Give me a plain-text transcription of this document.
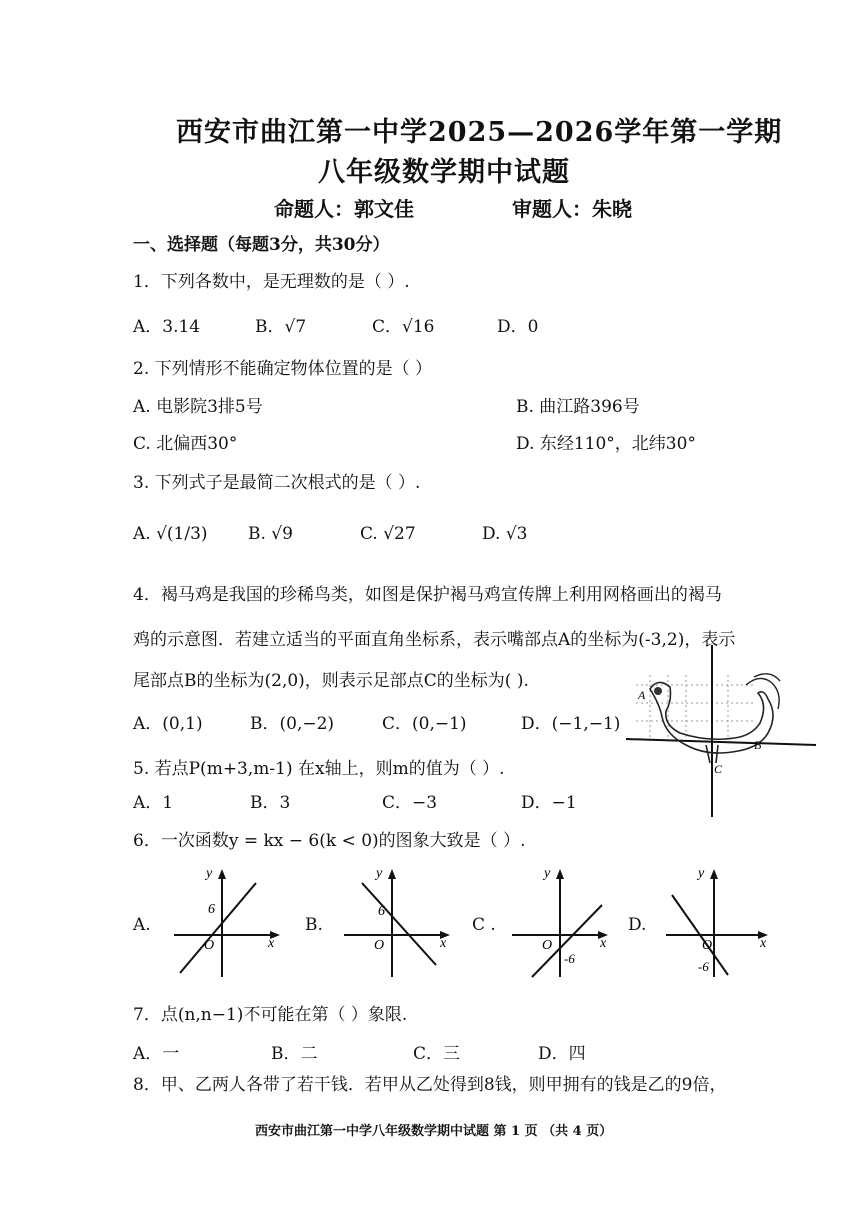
西安市曲江第一中学2025—2026学年第一学期
八年级数学期中试题
命题人：郭文佳	审题人：朱晓
一、选择题（每题3分，共30分）
1．下列各数中，是无理数的是（ ）.
A．3.14	B．√7	C．√16	D．0
2. 下列情形不能确定物体位置的是（ ）
A. 电影院3排5号	B. 曲江路396号
C. 北偏西30°	D. 东经110°，北纬30°
3. 下列式子是最简二次根式的是（ ）.
A. √(1/3) B. √9	C. √27	D. √3
4．褐马鸡是我国的珍稀鸟类，如图是保护褐马鸡宣传牌上利用网格画出的褐马
鸡的示意图．若建立适当的平面直角坐标系，表示嘴部点A的坐标为(-3,2)，表示
尾部点B的坐标为(2,0)，则表示足部点C的坐标为( ).
A．(0,1)	B．(0,−2)	C．(0,−1)	D．(−1,−1)
A
B
C
5. 若点P(m+3,m-1) 在x轴上，则m的值为（ ）.
A．1	B．3	C．−3	D．−1
6．一次函数y = kx − 6(k < 0)的图象大致是（ ）.
A.	B.	C .	D.
y
x
O
6
y
x
O
6
y
x
O
-6
y
x
O
-6
7．点(n,n−1)不可能在第（ ）象限.
A．一	B．二	C．三	D．四
8．甲、乙两人各带了若干钱．若甲从乙处得到8钱，则甲拥有的钱是乙的9倍，
西安市曲江第一中学八年级数学期中试题 第 1 页 （共 4 页）
